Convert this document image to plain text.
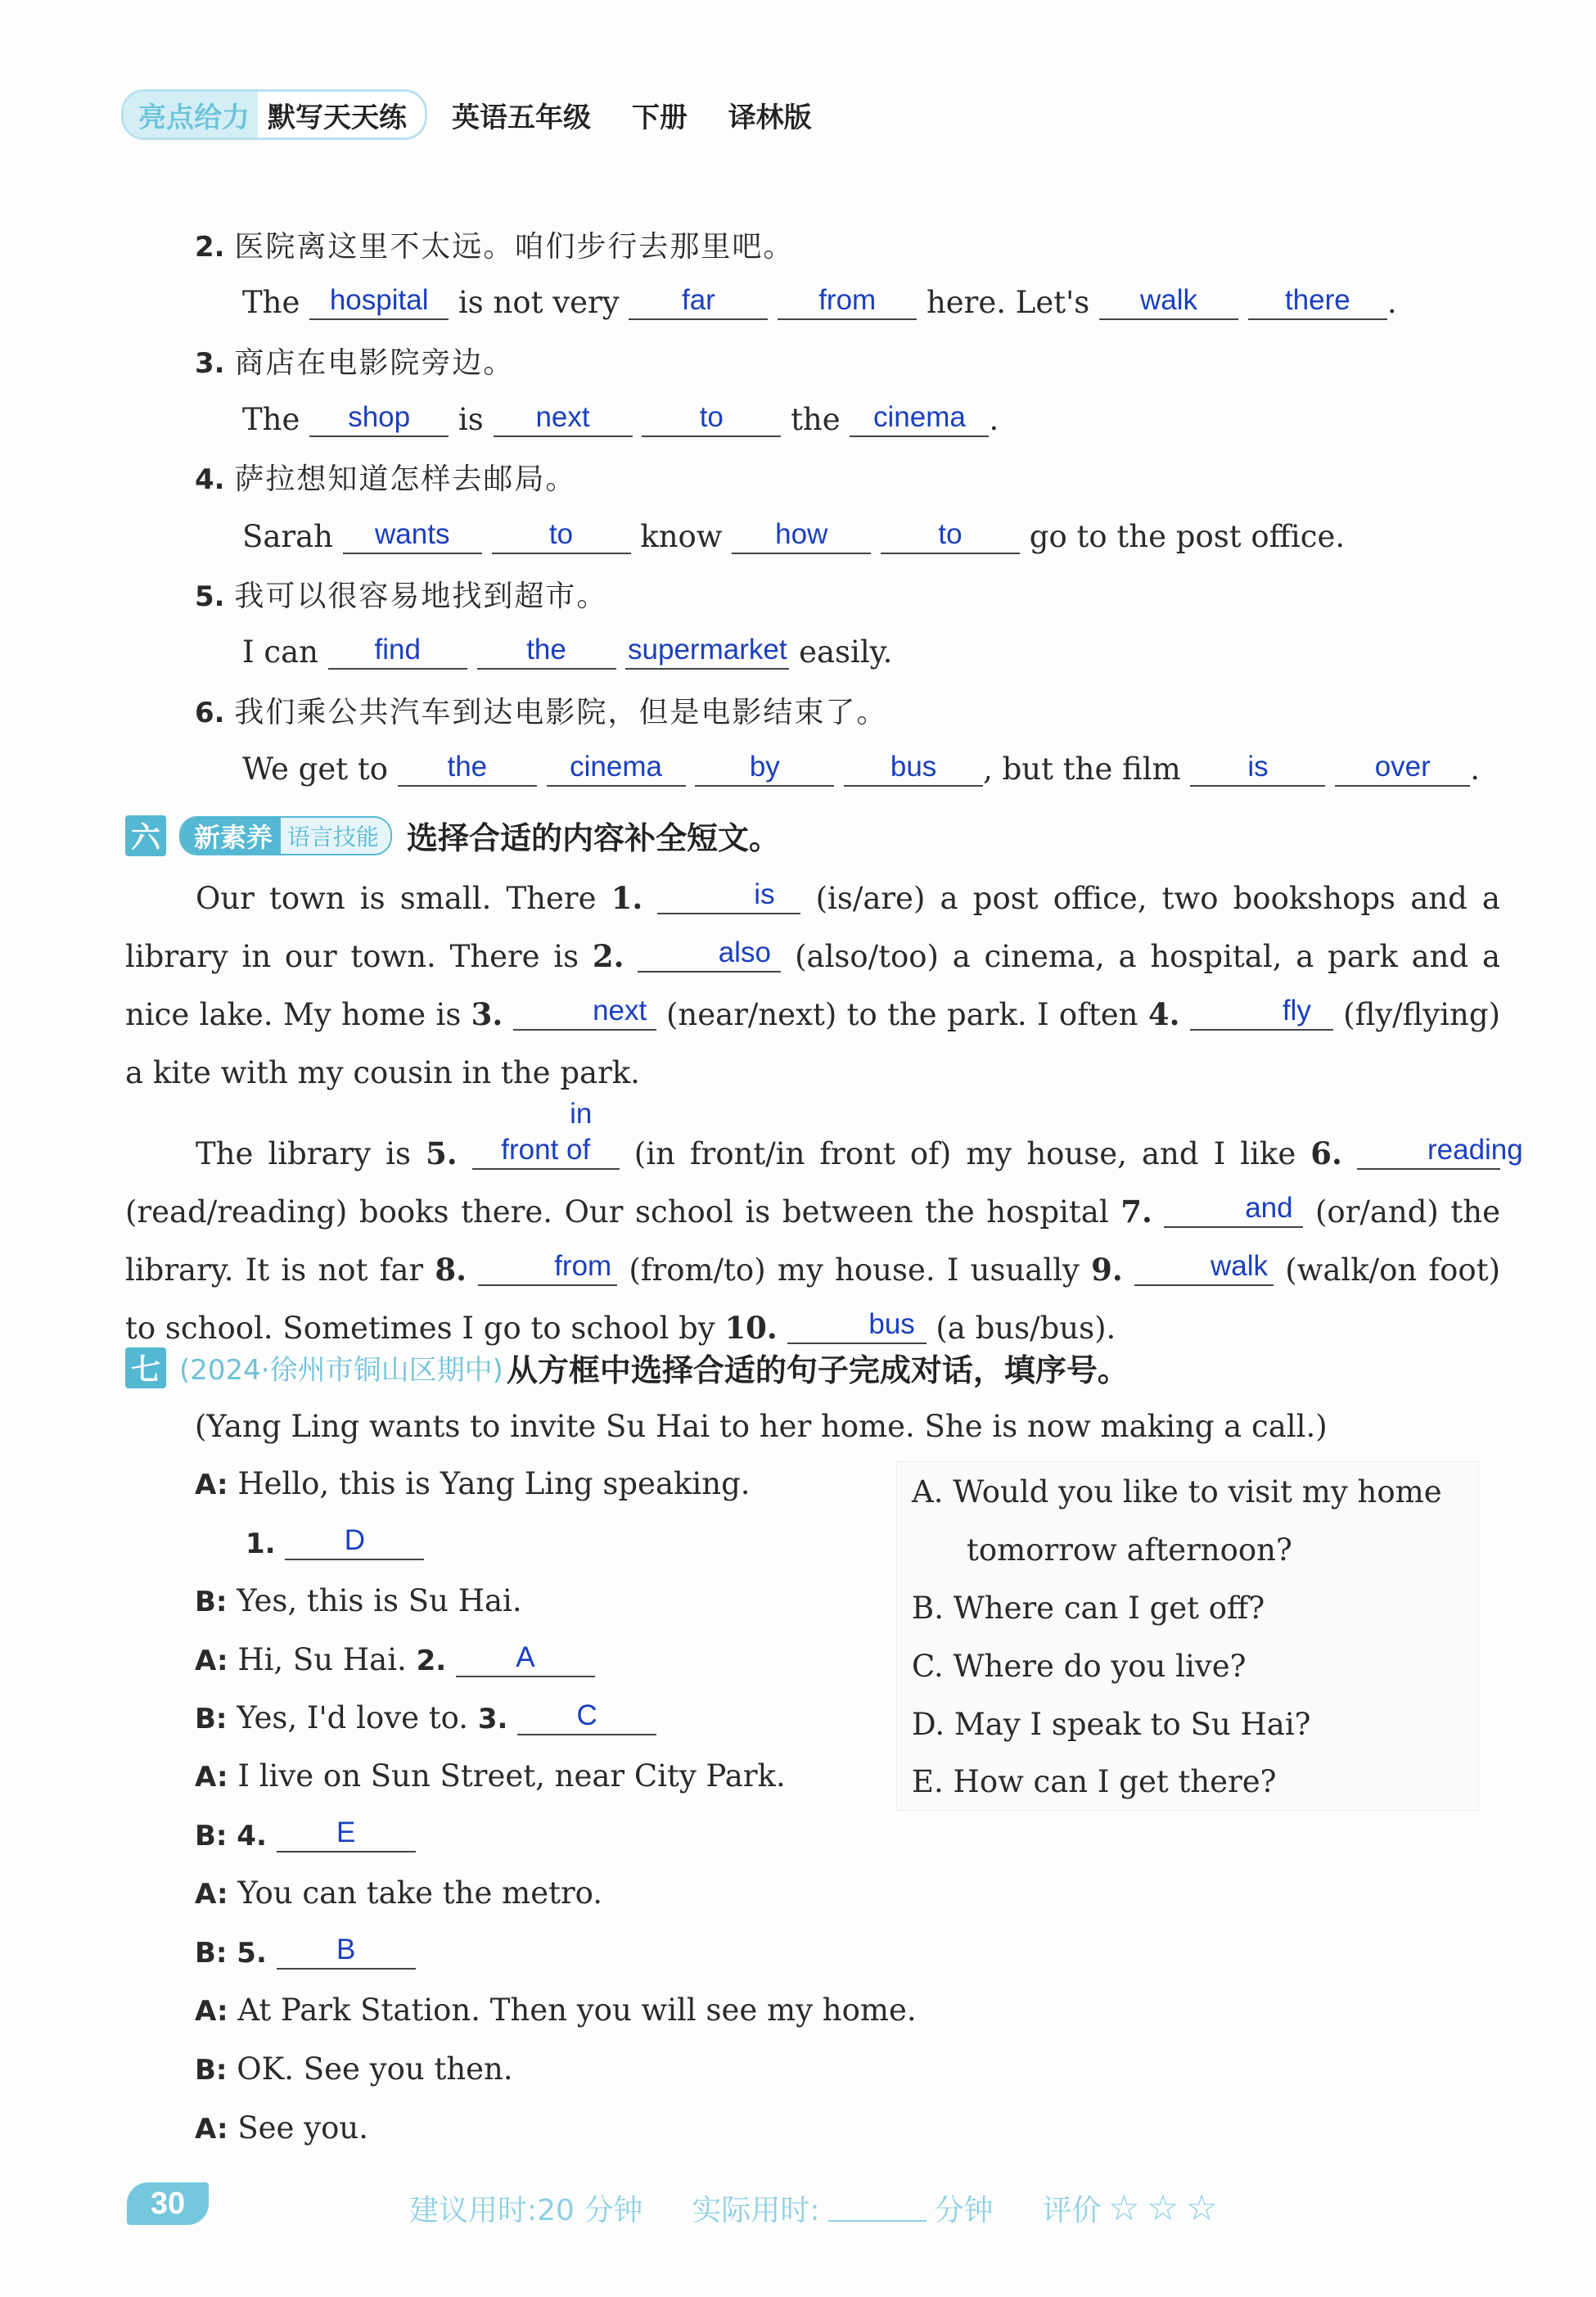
亮点给力 默写天天练	英语五年级 下册 译林版
2. 医院离这里不太远。咱们步行去那里吧。
The hospital is not very far	from here. Let's walk	there .
3. 商店在电影院旁边。
The shop is next	to the cinema .
4. 萨拉想知道怎样去邮局。
Sarah wants	to know how	to go to the post office.
5. 我可以很容易地找到超市。
I can find	the supermarket easily.
6. 我们乘公共汽车到达电影院，但是电影结束了。
We get to the	cinema	by	bus , but the film is	over .
六	新素养 语言技能 选择合适的内容补全短文。
Our town is small. There 1.	is (is/are) a post office, two bookshops and a library in our town. There is 2.	also (also/too) a cinema, a hospital, a park and a nice lake. My home is 3.	next (near/next) to the park. I often 4.	fly (fly/flying) a kite with my cousin in the park.
The library is 5. in front of (in front/in front of) my house, and I like 6.	reading (read/reading) books there. Our school is between the hospital 7.	and (or/and) the library. It is not far 8.	from (from/to) my house. I usually 9.	walk (walk/on foot) to school. Sometimes I go to school by 10.	bus (a bus/bus).
七 (2024·徐州市铜山区期中) 从方框中选择合适的句子完成对话，填序号。
(Yang Ling wants to invite Su Hai to her home. She is now making a call.)
A: Hello, this is Yang Ling speaking.
1. D
B: Yes, this is Su Hai.
A: Hi, Su Hai. 2. A
B: Yes, I'd love to. 3. C
A: I live on Sun Street, near City Park.
B: 4. E
A: You can take the metro.
B: 5. B
A: At Park Station. Then you will see my home.
B: OK. See you then.
A: See you.
A. Would you like to visit my home
tomorrow afternoon?
B. Where can I get off?
C. Where do you live?
D. May I speak to Su Hai?
E. How can I get there?
30	建议用时:20 分钟 实际用时:	分钟 评价 ☆ ☆ ☆
